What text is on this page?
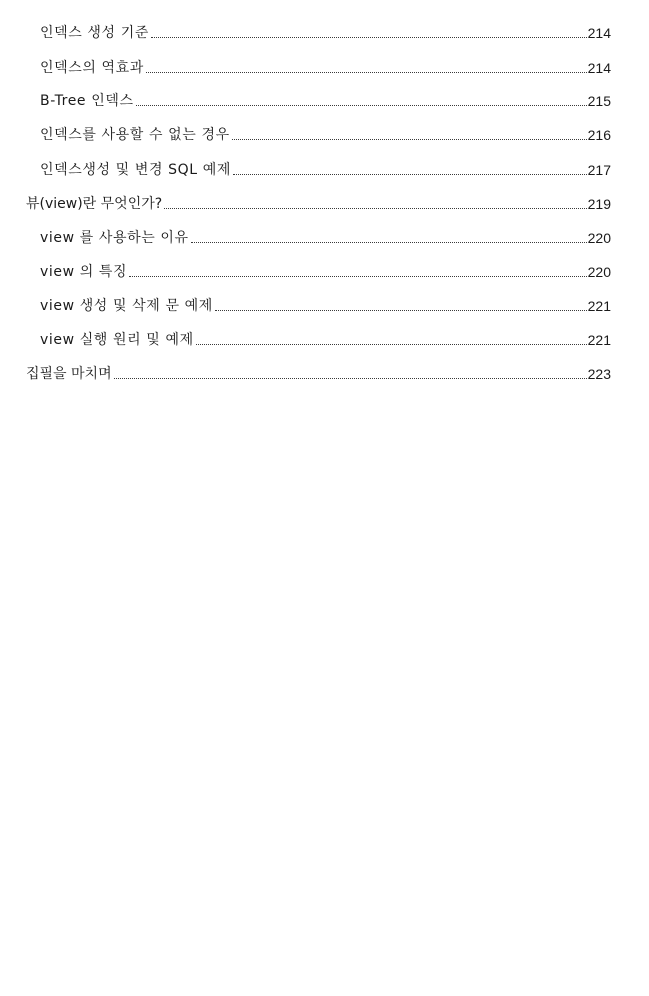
인덱스 생성 기준	214
인덱스의 역효과	214
B-Tree 인덱스	215
인덱스를 사용할 수 없는 경우	216
인덱스생성 및 변경 SQL 예제	217
뷰(view)란 무엇인가?	219
view 를 사용하는 이유	220
view 의 특징	220
view 생성 및 삭제 문 예제	221
view 실행 원리 및 예제	221
집필을 마치며	223
